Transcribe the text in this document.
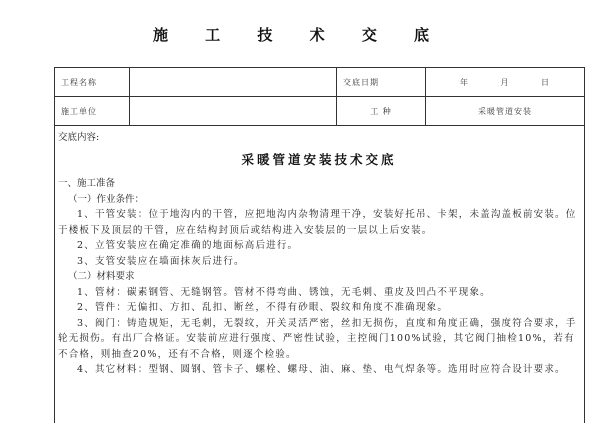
施 工 技 术 交 底
工程名称		交底日期	年 月 日
施工单位		工 种	采暖管道安装

交底内容:

采暖管道安装技术交底

一、施工准备

（一）作业条件：

1、干管安装：位于地沟内的干管，应把地沟内杂物清理干净，安装好托吊、卡架，未盖沟盖板前安装。位于楼板下及顶层的干管，应在结构封顶后或结构进入安装层的一层以上后安装。

2、立管安装应在确定准确的地面标高后进行。

3、支管安装应在墙面抹灰后进行。

（二）材料要求

1、管材：碳素钢管、无缝钢管。管材不得弯曲、锈蚀，无毛刺、重皮及凹凸不平现象。

2、管件：无偏扣、方扣、乱扣、断丝，不得有砂眼、裂纹和角度不准确现象。

3、阀门：铸造规矩，无毛刺，无裂纹，开关灵活严密，丝扣无损伤，直度和角度正确，强度符合要求，手轮无损伤。有出厂合格证。安装前应进行强度、严密性试验，主控阀门100%试验，其它阀门抽检10%，若有不合格，则抽查20%，还有不合格，则逐个检验。

4、其它材料：型钢、圆钢、管卡子、螺栓、螺母、油、麻、垫、电气焊条等。选用时应符合设计要求。
